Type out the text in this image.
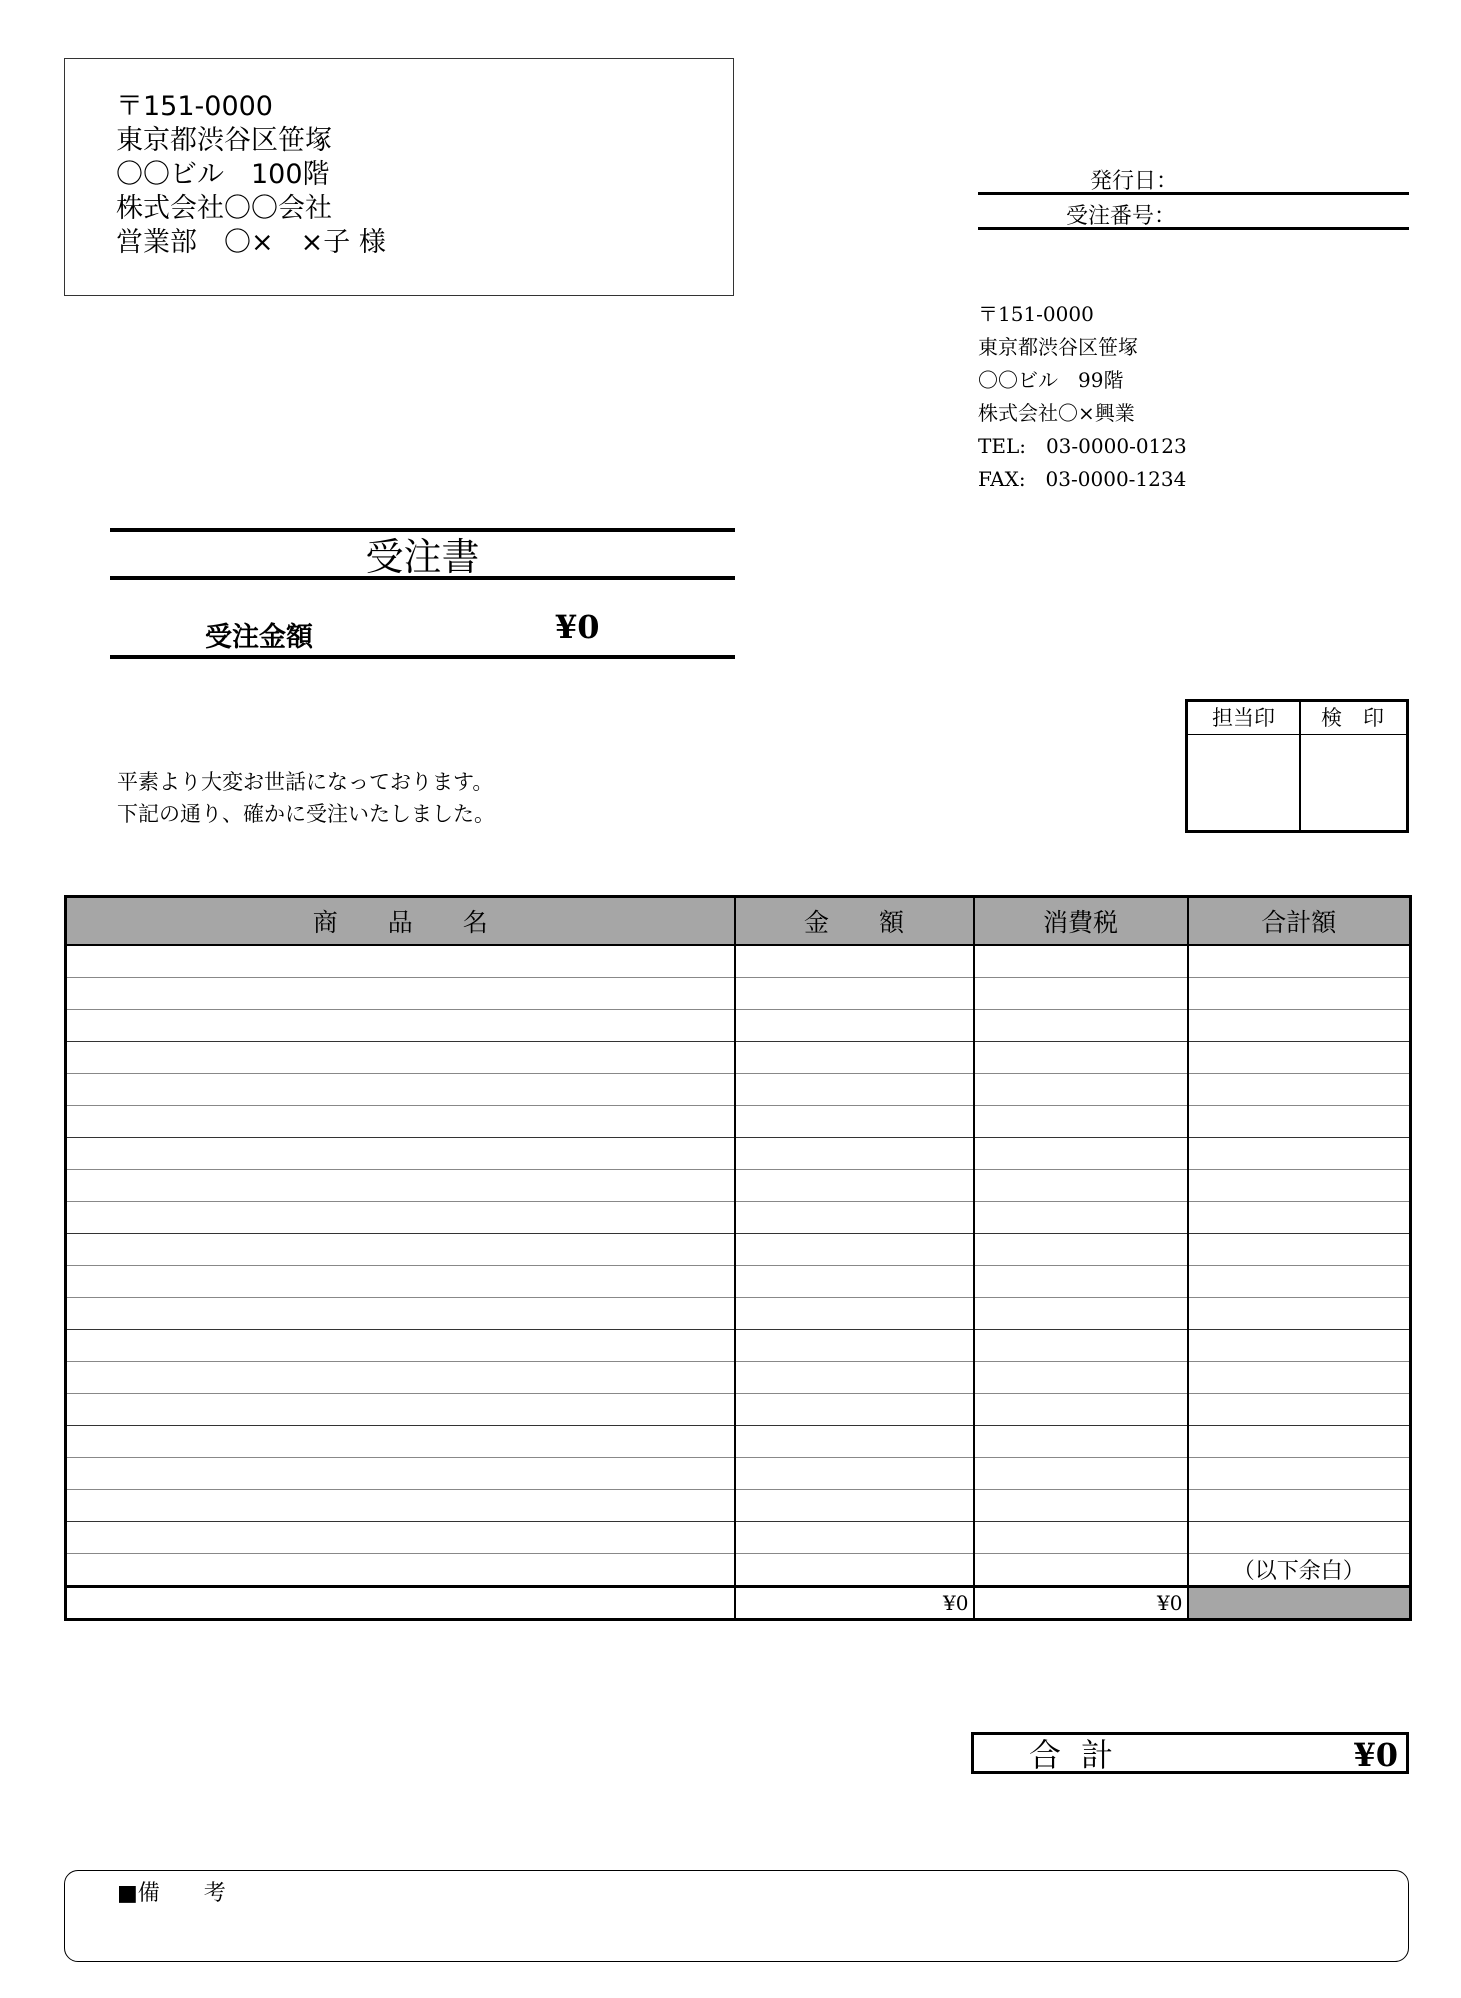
〒151-0000
東京都渋谷区笹塚
〇〇ビル　100階
株式会社〇〇会社
営業部　〇×　×子 様
発行日：
受注番号：
〒151-0000
東京都渋谷区笹塚
〇〇ビル　99階
株式会社〇×興業
TEL:　03-0000-0123
FAX:　03-0000-1234
受注書
受注金額	¥0
担当印	検　印
平素より大変お世話になっております。
下記の通り、確かに受注いたしました。
商　　品　　名	金　　額	消費税	合計額

			（以下余白）
	¥0	¥0	
合計	¥0
■備　　考
